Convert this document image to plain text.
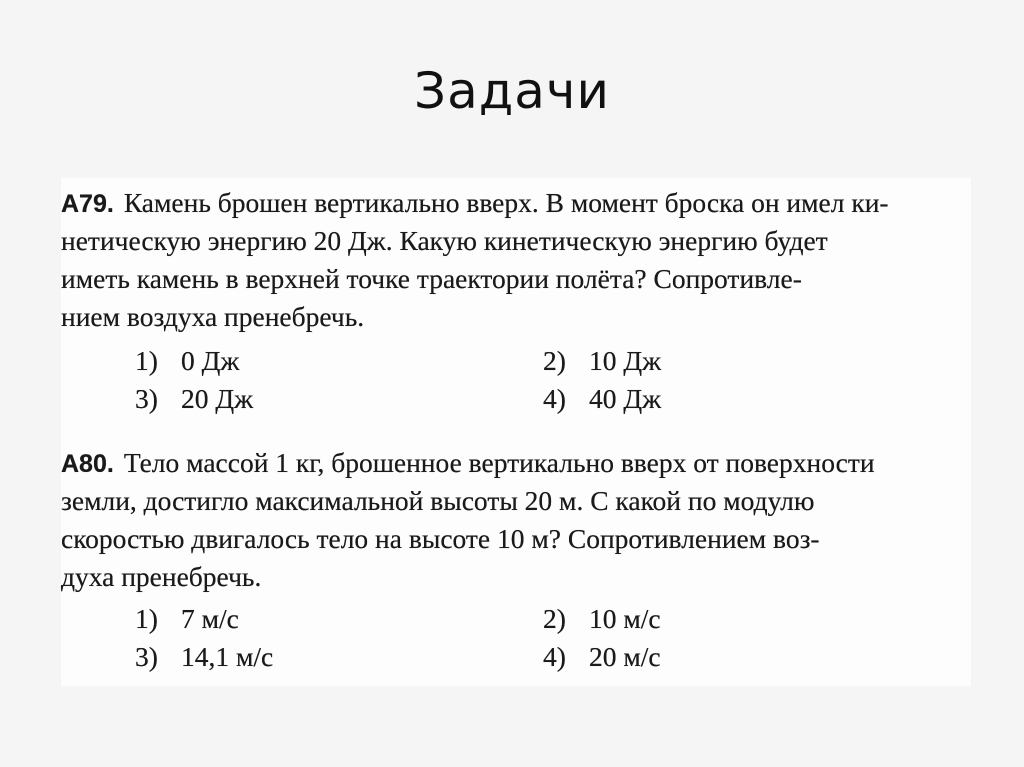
Задачи
А79. Камень брошен вертикально вверх. В момент броска он имел ки-
нетическую энергию 20 Дж. Какую кинетическую энергию будет
иметь камень в верхней точке траектории полёта? Сопротивле-
нием воздуха пренебречь.
1) 0 Дж	2) 10 Дж
3) 20 Дж	4) 40 Дж
А80. Тело массой 1 кг, брошенное вертикально вверх от поверхности
земли, достигло максимальной высоты 20 м. С какой по модулю
скоростью двигалось тело на высоте 10 м? Сопротивлением воз-
духа пренебречь.
1) 7 м/с	2) 10 м/с
3) 14,1 м/с	4) 20 м/с
